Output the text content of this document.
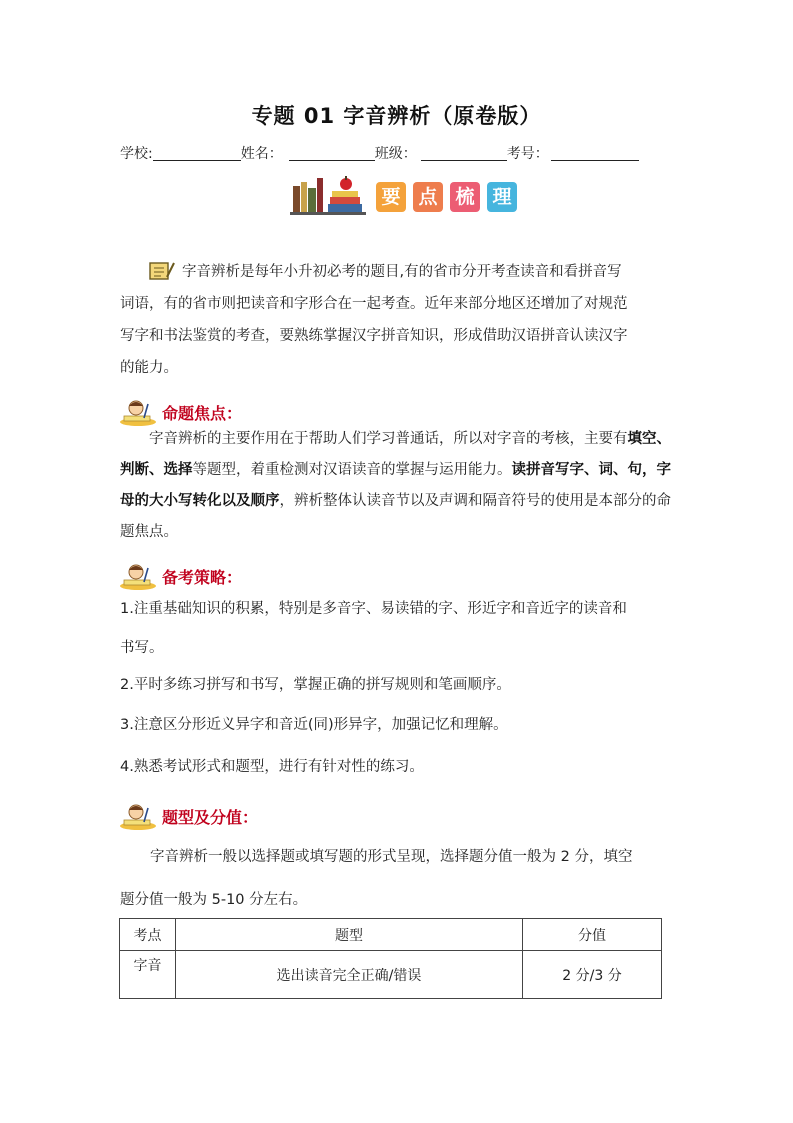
专题 01 字音辨析（原卷版）
学校:	姓名：	班级：	考号：
要 点 梳 理
字音辨析是每年小升初必考的题目,有的省市分开考查读音和看拼音写
词语，有的省市则把读音和字形合在一起考查。近年来部分地区还增加了对规范
写字和书法鉴赏的考查，要熟练掌握汉字拼音知识，形成借助汉语拼音认读汉字
的能力。
命题焦点：
字音辨析的主要作用在于帮助人们学习普通话，所以对字音的考核，主要有填空、判断、选择等题型，着重检测对汉语读音的掌握与运用能力。读拼音写字、词、句，字母的大小写转化以及顺序，辨析整体认读音节以及声调和隔音符号的使用是本部分的命题焦点。
备考策略：
1.注重基础知识的积累，特别是多音字、易读错的字、形近字和音近字的读音和
书写。
2.平时多练习拼写和书写，掌握正确的拼写规则和笔画顺序。
3.注意区分形近义异字和音近(同)形异字，加强记忆和理解。
4.熟悉考试形式和题型，进行有针对性的练习。
题型及分值：
字音辨析一般以选择题或填写题的形式呈现，选择题分值一般为 2 分，填空
题分值一般为 5-10 分左右。
考点	题型	分值
字音	选出读音完全正确/错误	2 分/3 分
